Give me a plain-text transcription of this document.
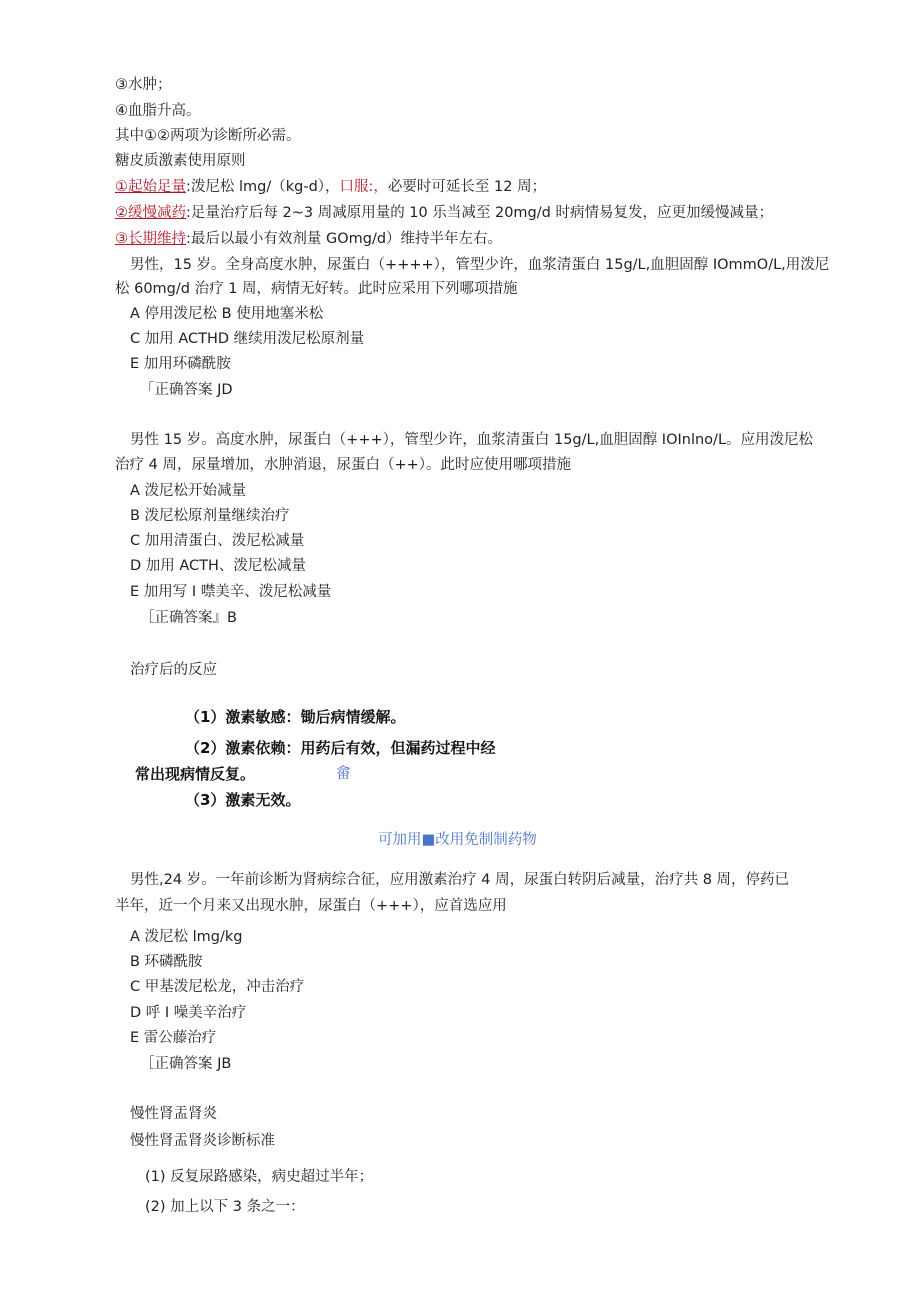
③水肿；
④血脂升高。
其中①②两项为诊断所必需。
糖皮质激素使用原则
①起始足量:泼尼松 lmg/（kg-d），口服:，必要时可延长至 12 周；
②缓慢减药:足量治疗后每 2~3 周减原用量的 10 乐当减至 20mg/d 时病情易复发，应更加缓慢减量；
③长期维持:最后以最小有效剂量 GOmg/d）维持半年左右。
男性，15 岁。全身高度水肿，尿蛋白（++++），管型少许，血浆清蛋白 15g/L,血胆固醇 IOmmO/L,用泼尼
松 60mg/d 治疗 1 周，病情无好转。此时应采用下列哪项措施
A 停用泼尼松 B 使用地塞米松
C 加用 ACTHD 继续用泼尼松原剂量
E 加用环磷酰胺
「正确答案 JD
男性 15 岁。高度水肿，尿蛋白（+++），管型少许，血浆清蛋白 15g/L,血胆固醇 IOInlno/L。应用泼尼松
治疗 4 周，尿量增加，水肿消退，尿蛋白（++）。此时应使用哪项措施
A 泼尼松开始减量
B 泼尼松原剂量继续治疗
C 加用清蛋白、泼尼松减量
D 加用 ACTH、泼尼松减量
E 加用写 I 噤美辛、泼尼松减量
［正确答案』B
治疗后的反应
（1）激素敏感：锄后病情缓解。
（2）激素依赖：用药后有效，但漏药过程中经
常出现病情反复。	畲
（3）激素无效。
可加用■改用免制制药物
男性,24 岁。一年前诊断为肾病综合征，应用激素治疗 4 周，尿蛋白转阴后减量，治疗共 8 周，停药已
半年，近一个月来又出现水肿，尿蛋白（+++），应首选应用
A 泼尼松 lmg/kg
B 环磷酰胺
C 甲基泼尼松龙，冲击治疗
D 呼 I 噪美辛治疗
E 雷公藤治疗
［正确答案 JB
慢性肾盂肾炎
慢性肾盂肾炎诊断标准
(1) 反复尿路感染，病史超过半年；
(2) 加上以下 3 条之一：
